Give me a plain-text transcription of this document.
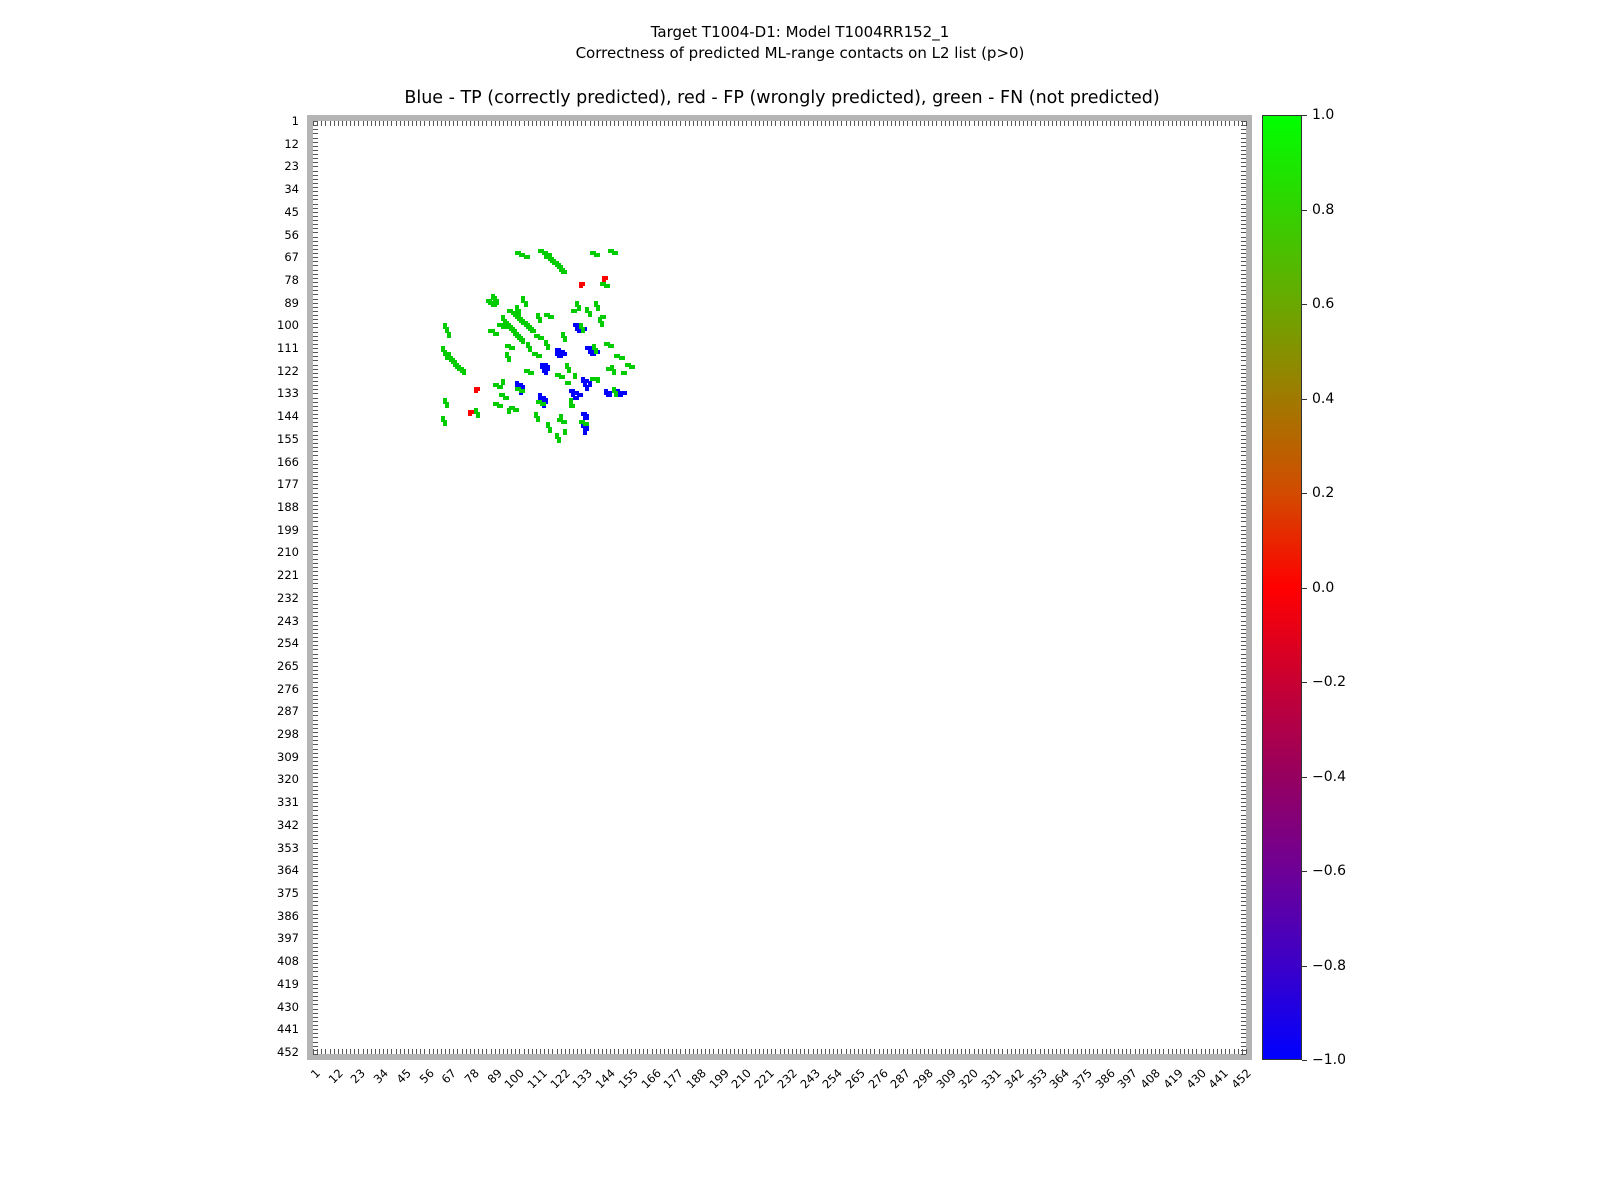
Target T1004-D1: Model T1004RR152_1
Correctness of predicted ML-range contacts on L2 list (p>0)
Blue - TP (correctly predicted), red - FP (wrongly predicted), green - FN (not predicted)
1
12
23
34
45
56
67
78
89
100
111
122
133
144
155
166
177
188
199
210
221
232
243
254
265
276
287
298
309
320
331
342
353
364
375
386
397
408
419
430
441
452
1 12 23 34 45 56 67 78 89
100
111
122
133
144
155
166
177
188
199
210
221
232
243
254
265
276
287
298
309
320
331
342
353
364
375
386
397
408
419
430
441
452
1.0
0.8
0.6
0.4
0.2
0.0
−0.2
−0.4
−0.6
−0.8
−1.0
